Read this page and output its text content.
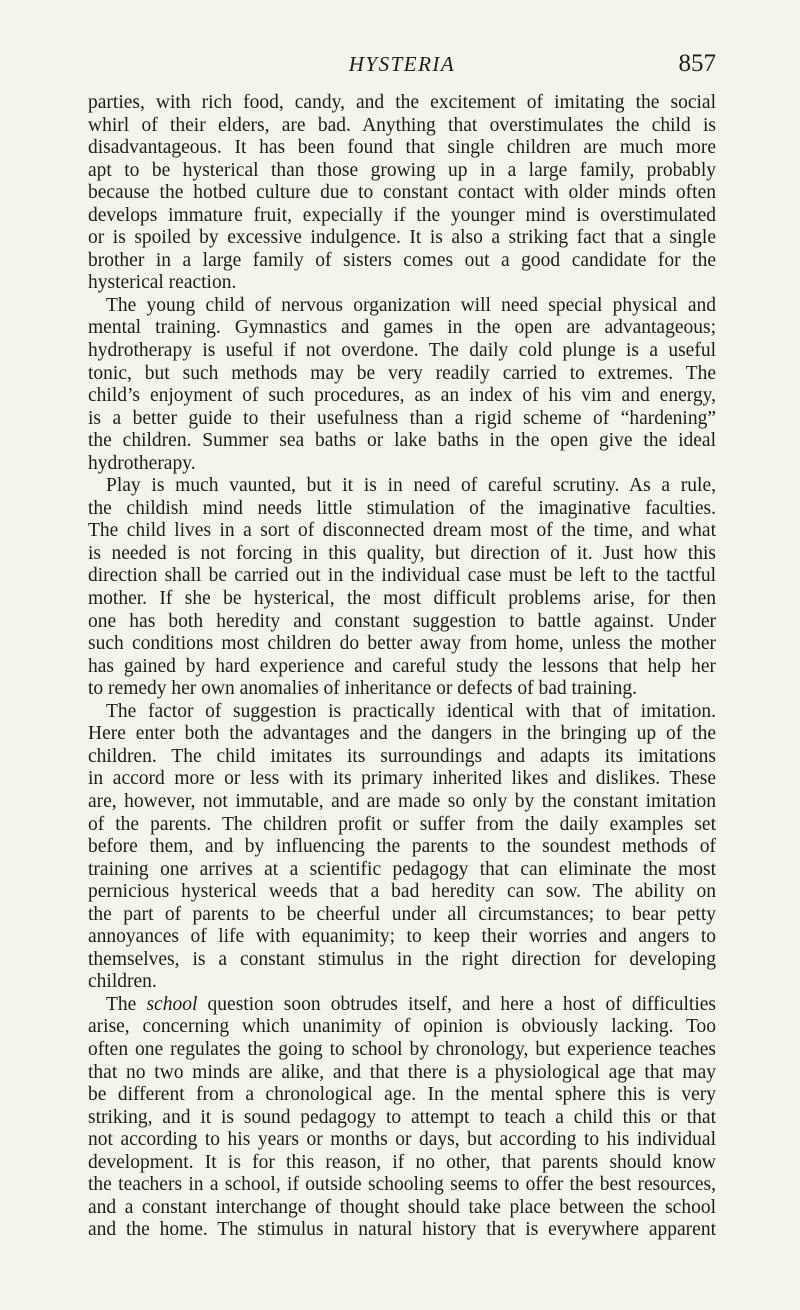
HYSTERIA	857
parties, with rich food, candy, and the excitement of imitating the social
whirl of their elders, are bad. Anything that overstimulates the child is
disadvantageous. It has been found that single children are much more
apt to be hysterical than those growing up in a large family, probably
because the hotbed culture due to constant contact with older minds often
develops immature fruit, expecially if the younger mind is overstimulated
or is spoiled by excessive indulgence. It is also a striking fact that a single
brother in a large family of sisters comes out a good candidate for the
hysterical reaction.
The young child of nervous organization will need special physical and
mental training. Gymnastics and games in the open are advantageous;
hydrotherapy is useful if not overdone. The daily cold plunge is a useful
tonic, but such methods may be very readily carried to extremes. The
child’s enjoyment of such procedures, as an index of his vim and energy,
is a better guide to their usefulness than a rigid scheme of “hardening”
the children. Summer sea baths or lake baths in the open give the ideal
hydrotherapy.
Play is much vaunted, but it is in need of careful scrutiny. As a rule,
the childish mind needs little stimulation of the imaginative faculties.
The child lives in a sort of disconnected dream most of the time, and what
is needed is not forcing in this quality, but direction of it. Just how this
direction shall be carried out in the individual case must be left to the tactful
mother. If she be hysterical, the most difficult problems arise, for then
one has both heredity and constant suggestion to battle against. Under
such conditions most children do better away from home, unless the mother
has gained by hard experience and careful study the lessons that help her
to remedy her own anomalies of inheritance or defects of bad training.
The factor of suggestion is practically identical with that of imitation.
Here enter both the advantages and the dangers in the bringing up of the
children. The child imitates its surroundings and adapts its imitations
in accord more or less with its primary inherited likes and dislikes. These
are, however, not immutable, and are made so only by the constant imitation
of the parents. The children profit or suffer from the daily examples set
before them, and by influencing the parents to the soundest methods of
training one arrives at a scientific pedagogy that can eliminate the most
pernicious hysterical weeds that a bad heredity can sow. The ability on
the part of parents to be cheerful under all circumstances; to bear petty
annoyances of life with equanimity; to keep their worries and angers to
themselves, is a constant stimulus in the right direction for developing
children.
The school question soon obtrudes itself, and here a host of difficulties
arise, concerning which unanimity of opinion is obviously lacking. Too
often one regulates the going to school by chronology, but experience teaches
that no two minds are alike, and that there is a physiological age that may
be different from a chronological age. In the mental sphere this is very
striking, and it is sound pedagogy to attempt to teach a child this or that
not according to his years or months or days, but according to his individual
development. It is for this reason, if no other, that parents should know
the teachers in a school, if outside schooling seems to offer the best resources,
and a constant interchange of thought should take place between the school
and the home. The stimulus in natural history that is everywhere apparent
